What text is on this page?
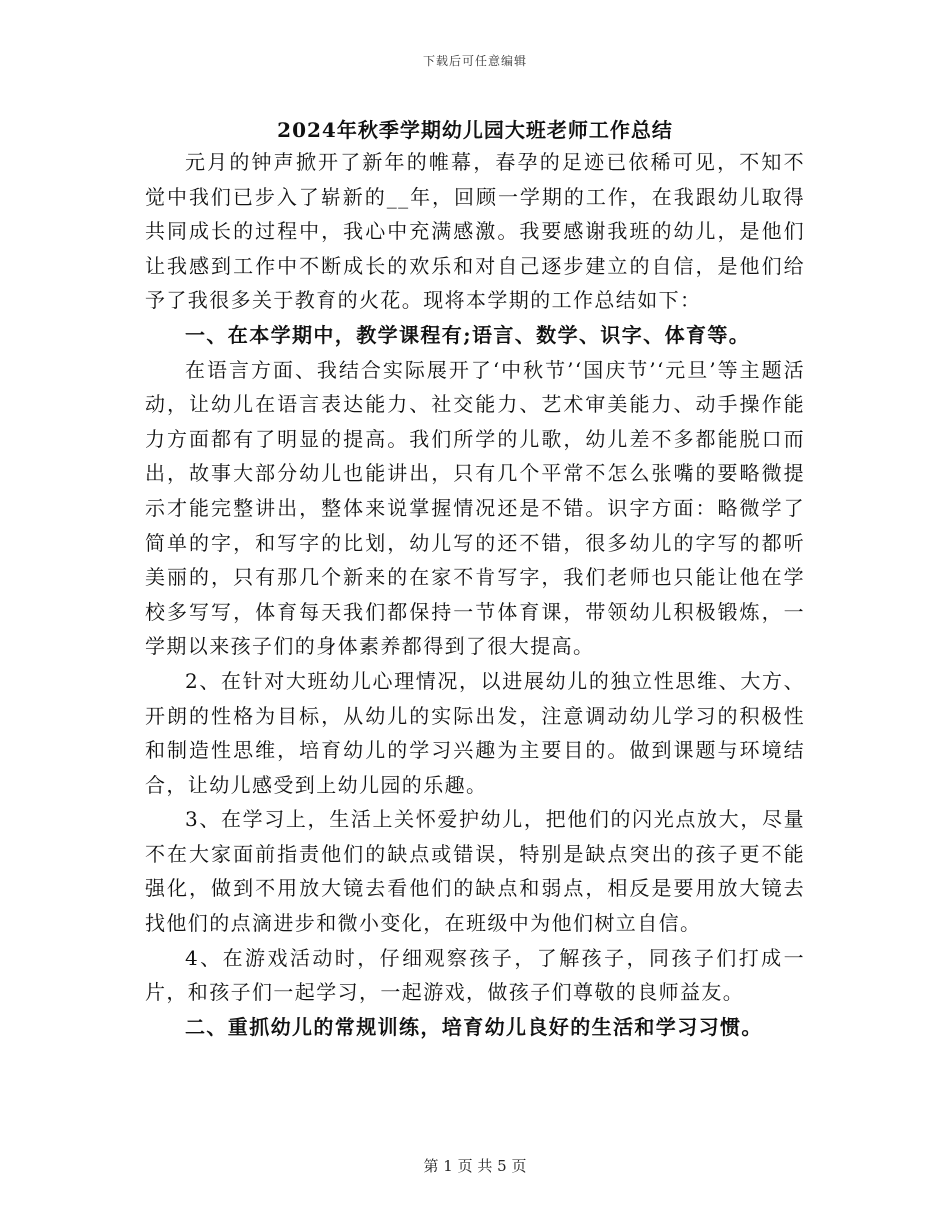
下载后可任意编辑
2024年秋季学期幼儿园大班老师工作总结

元月的钟声掀开了新年的帷幕，春孕的足迹已依稀可见，不知不觉中我们已步入了崭新的__年，回顾一学期的工作，在我跟幼儿取得共同成长的过程中，我心中充满感激。我要感谢我班的幼儿，是他们让我感到工作中不断成长的欢乐和对自己逐步建立的自信，是他们给予了我很多关于教育的火花。现将本学期的工作总结如下：

一、在本学期中，教学课程有;语言、数学、识字、体育等。

在语言方面、我结合实际展开了‘中秋节’‘国庆节’‘元旦’等主题活动，让幼儿在语言表达能力、社交能力、艺术审美能力、动手操作能力方面都有了明显的提高。我们所学的儿歌，幼儿差不多都能脱口而出，故事大部分幼儿也能讲出，只有几个平常不怎么张嘴的要略微提示才能完整讲出，整体来说掌握情况还是不错。识字方面：略微学了简单的字，和写字的比划，幼儿写的还不错，很多幼儿的字写的都听美丽的，只有那几个新来的在家不肯写字，我们老师也只能让他在学校多写写，体育每天我们都保持一节体育课，带领幼儿积极锻炼，一学期以来孩子们的身体素养都得到了很大提高。

2、在针对大班幼儿心理情况，以进展幼儿的独立性思维、大方、开朗的性格为目标，从幼儿的实际出发，注意调动幼儿学习的积极性和制造性思维，培育幼儿的学习兴趣为主要目的。做到课题与环境结合，让幼儿感受到上幼儿园的乐趣。

3、在学习上，生活上关怀爱护幼儿，把他们的闪光点放大，尽量不在大家面前指责他们的缺点或错误，特别是缺点突出的孩子更不能强化，做到不用放大镜去看他们的缺点和弱点，相反是要用放大镜去找他们的点滴进步和微小变化，在班级中为他们树立自信。

4、在游戏活动时，仔细观察孩子，了解孩子，同孩子们打成一片，和孩子们一起学习，一起游戏，做孩子们尊敬的良师益友。

二、重抓幼儿的常规训练，培育幼儿良好的生活和学习习惯。

第 1 页 共 5 页
